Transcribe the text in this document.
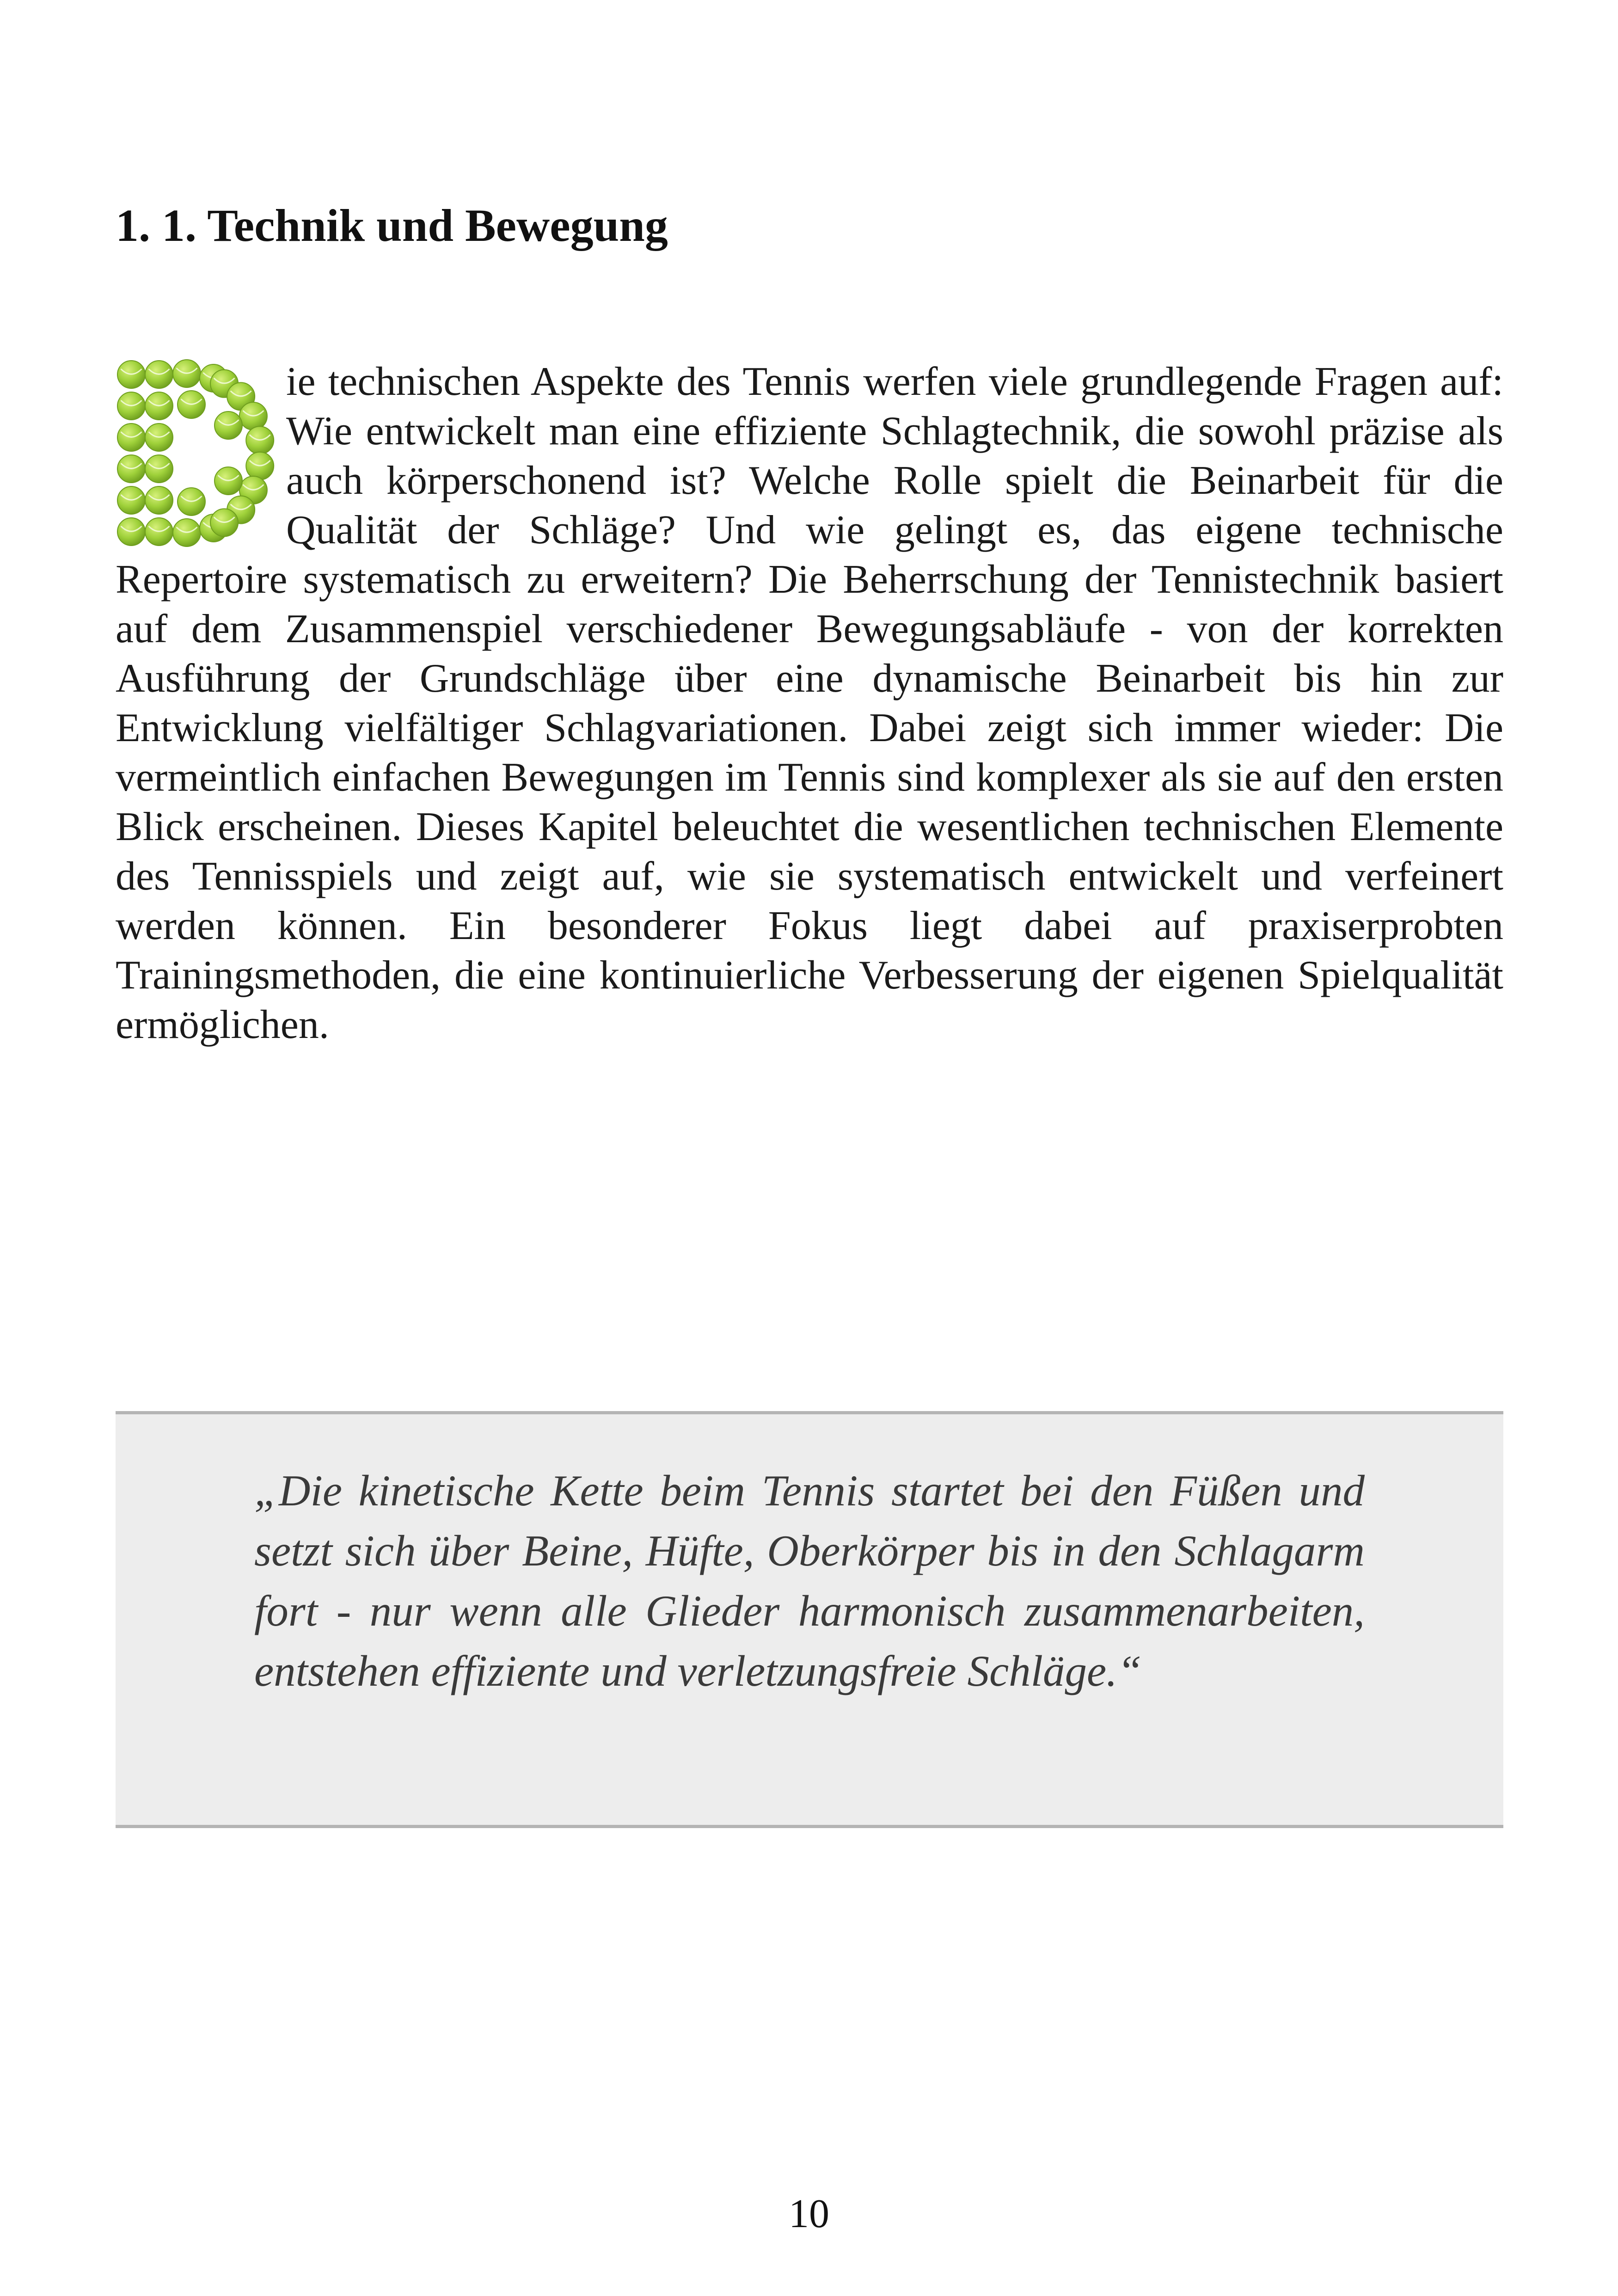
1. 1. Technik und Bewegung

ie technischen Aspekte des Tennis werfen viele grundlegende Fragen auf: Wie entwickelt man eine effiziente Schlagtechnik, die sowohl präzise als auch körperschonend ist? Welche Rolle spielt die Beinarbeit für die Qualität der Schläge? Und wie gelingt es, das eigene technische Repertoire systematisch zu erweitern? Die Beherrschung der Tennistechnik basiert auf dem Zusammenspiel verschiedener Bewegungsabläufe - von der korrekten Ausführung der Grundschläge über eine dynamische Beinarbeit bis hin zur Entwicklung vielfältiger Schlagvariationen. Dabei zeigt sich immer wieder: Die vermeintlich einfachen Bewegungen im Tennis sind komplexer als sie auf den ersten Blick erscheinen. Dieses Kapitel beleuchtet die wesentlichen technischen Elemente des Tennisspiels und zeigt auf, wie sie systematisch entwickelt und verfeinert werden können. Ein besonderer Fokus liegt dabei auf praxiserprobten Trainingsmethoden, die eine kontinuierliche Verbesserung der eigenen Spielqualität ermöglichen.

„Die kinetische Kette beim Tennis startet bei den Füßen und setzt sich über Beine, Hüfte, Oberkörper bis in den Schlagarm fort - nur wenn alle Glieder harmonisch zusammenarbeiten, entstehen effiziente und verletzungsfreie Schläge.“

10
